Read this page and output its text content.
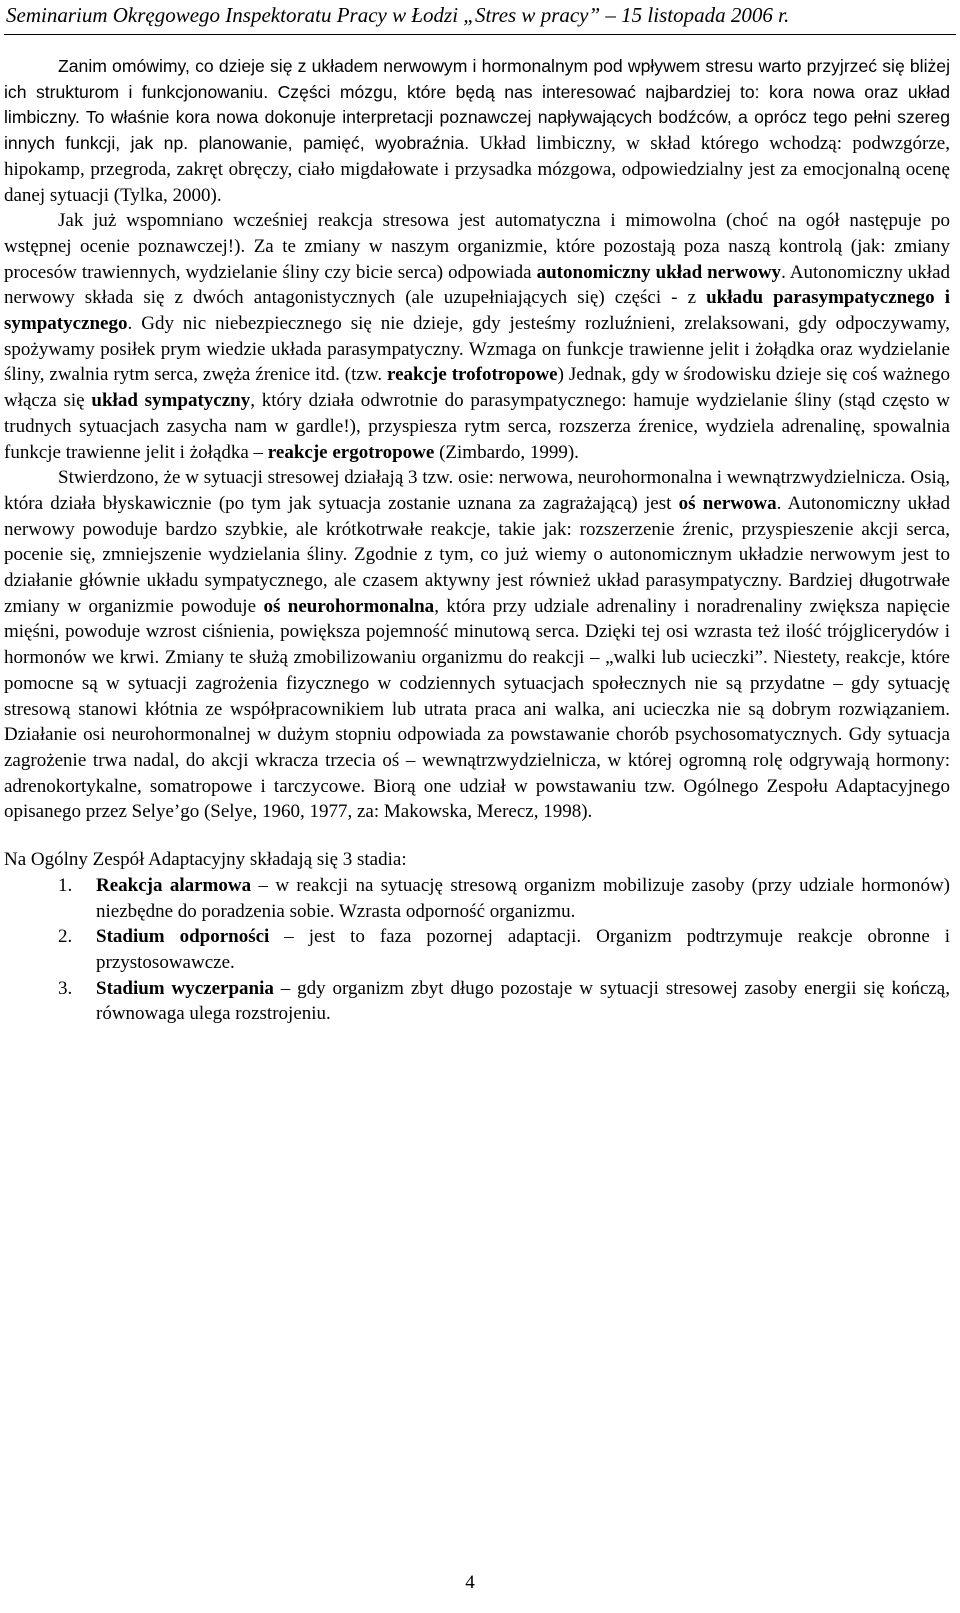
Seminarium Okręgowego Inspektoratu Pracy w Łodzi „Stres w pracy” – 15 listopada 2006 r.

Zanim omówimy, co dzieje się z układem nerwowym i hormonalnym pod wpływem stresu warto przyjrzeć się bliżej ich strukturom i funkcjonowaniu. Części mózgu, które będą nas interesować najbardziej to: kora nowa oraz układ limbiczny. To właśnie kora nowa dokonuje interpretacji poznawczej napływających bodźców, a oprócz tego pełni szereg innych funkcji, jak np. planowanie, pamięć, wyobraźnia. Układ limbiczny, w skład którego wchodzą: podwzgórze, hipokamp, przegroda, zakręt obręczy, ciało migdałowate i przysadka mózgowa, odpowiedzialny jest za emocjonalną ocenę danej sytuacji (Tylka, 2000).

Jak już wspomniano wcześniej reakcja stresowa jest automatyczna i mimowolna (choć na ogół następuje po wstępnej ocenie poznawczej!). Za te zmiany w naszym organizmie, które pozostają poza naszą kontrolą (jak: zmiany procesów trawiennych, wydzielanie śliny czy bicie serca) odpowiada autonomiczny układ nerwowy. Autonomiczny układ nerwowy składa się z dwóch antagonistycznych (ale uzupełniających się) części - z układu parasympatycznego i sympatycznego. Gdy nic niebezpiecznego się nie dzieje, gdy jesteśmy rozluźnieni, zrelaksowani, gdy odpoczywamy, spożywamy posiłek prym wiedzie układa parasympatyczny. Wzmaga on funkcje trawienne jelit i żołądka oraz wydzielanie śliny, zwalnia rytm serca, zwęża źrenice itd. (tzw. reakcje trofotropowe) Jednak, gdy w środowisku dzieje się coś ważnego włącza się układ sympatyczny, który działa odwrotnie do parasympatycznego: hamuje wydzielanie śliny (stąd często w trudnych sytuacjach zasycha nam w gardle!), przyspiesza rytm serca, rozszerza źrenice, wydziela adrenalinę, spowalnia funkcje trawienne jelit i żołądka – reakcje ergotropowe (Zimbardo, 1999).

Stwierdzono, że w sytuacji stresowej działają 3 tzw. osie: nerwowa, neurohormonalna i wewnątrzwydzielnicza. Osią, która działa błyskawicznie (po tym jak sytuacja zostanie uznana za zagrażającą) jest oś nerwowa. Autonomiczny układ nerwowy powoduje bardzo szybkie, ale krótkotrwałe reakcje, takie jak: rozszerzenie źrenic, przyspieszenie akcji serca, pocenie się, zmniejszenie wydzielania śliny. Zgodnie z tym, co już wiemy o autonomicznym układzie nerwowym jest to działanie głównie układu sympatycznego, ale czasem aktywny jest również układ parasympatyczny. Bardziej długotrwałe zmiany w organizmie powoduje oś neurohormonalna, która przy udziale adrenaliny i noradrenaliny zwiększa napięcie mięśni, powoduje wzrost ciśnienia, powiększa pojemność minutową serca. Dzięki tej osi wzrasta też ilość trójglicerydów i hormonów we krwi. Zmiany te służą zmobilizowaniu organizmu do reakcji – „walki lub ucieczki”. Niestety, reakcje, które pomocne są w sytuacji zagrożenia fizycznego w codziennych sytuacjach społecznych nie są przydatne – gdy sytuację stresową stanowi kłótnia ze współpracownikiem lub utrata praca ani walka, ani ucieczka nie są dobrym rozwiązaniem. Działanie osi neurohormonalnej w dużym stopniu odpowiada za powstawanie chorób psychosomatycznych. Gdy sytuacja zagrożenie trwa nadal, do akcji wkracza trzecia oś – wewnątrzwydzielnicza, w której ogromną rolę odgrywają hormony: adrenokortykalne, somatropowe i tarczycowe. Biorą one udział w powstawaniu tzw. Ogólnego Zespołu Adaptacyjnego opisanego przez Selye’go (Selye, 1960, 1977, za: Makowska, Merecz, 1998).

Na Ogólny Zespół Adaptacyjny składają się 3 stadia:

1. Reakcja alarmowa – w reakcji na sytuację stresową organizm mobilizuje zasoby (przy udziale hormonów) niezbędne do poradzenia sobie. Wzrasta odporność organizmu.
2. Stadium odporności – jest to faza pozornej adaptacji. Organizm podtrzymuje reakcje obronne i przystosowawcze.
3. Stadium wyczerpania – gdy organizm zbyt długo pozostaje w sytuacji stresowej zasoby energii się kończą, równowaga ulega rozstrojeniu.
4
